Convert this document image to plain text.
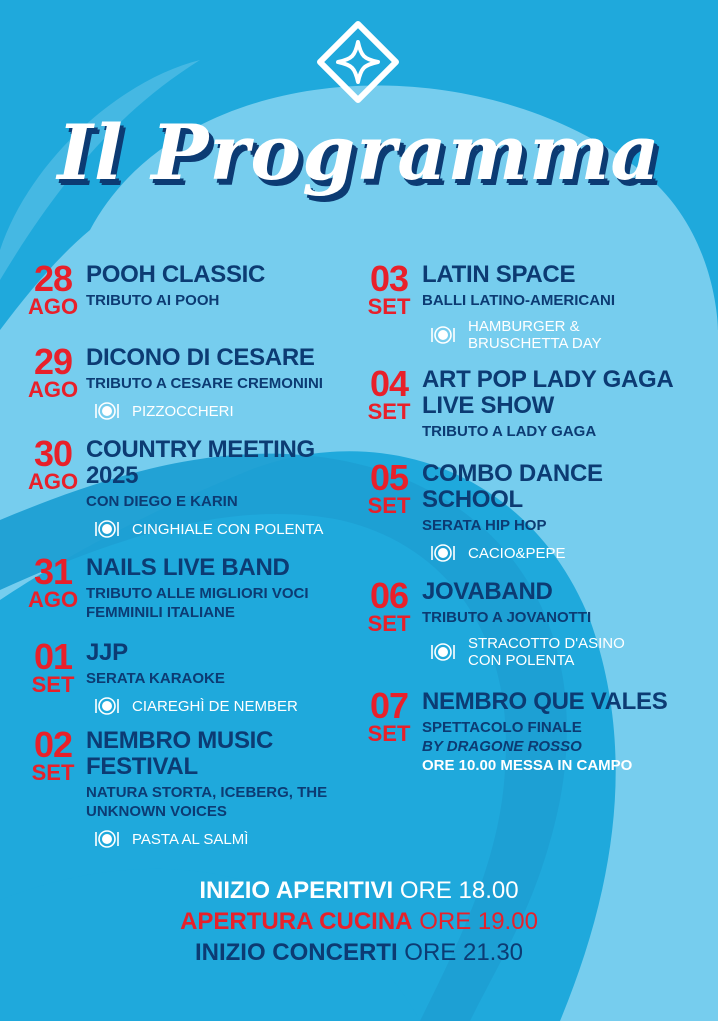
Il Programma
28
AGO
POOH CLASSIC
TRIBUTO AI POOH
29
AGO
DICONO DI CESARE
TRIBUTO A CESARE CREMONINI
PIZZOCCHERI
30
AGO
COUNTRY MEETING 2025
CON DIEGO E KARIN
CINGHIALE CON POLENTA
31
AGO
NAILS LIVE BAND
TRIBUTO ALLE MIGLIORI VOCI FEMMINILI ITALIANE
01
SET
JJP
SERATA KARAOKE
CIAREGHÌ DE NEMBER
02
SET
NEMBRO MUSIC FESTIVAL
NATURA STORTA, ICEBERG, THE UNKNOWN VOICES
PASTA AL SALMÌ
03
SET
LATIN SPACE
BALLI LATINO-AMERICANI
HAMBURGER & BRUSCHETTA DAY
04
SET
ART POP LADY GAGA LIVE SHOW
TRIBUTO A LADY GAGA
05
SET
COMBO DANCE SCHOOL
SERATA HIP HOP
CACIO&PEPE
06
SET
JOVABAND
TRIBUTO A JOVANOTTI
STRACOTTO D'ASINO CON POLENTA
07
SET
NEMBRO QUE VALES
SPETTACOLO FINALE
BY DRAGONE ROSSO
ORE 10.00 MESSA IN CAMPO
INIZIO APERITIVI ORE 18.00
APERTURA CUCINA ORE 19.00
INIZIO CONCERTI ORE 21.30
